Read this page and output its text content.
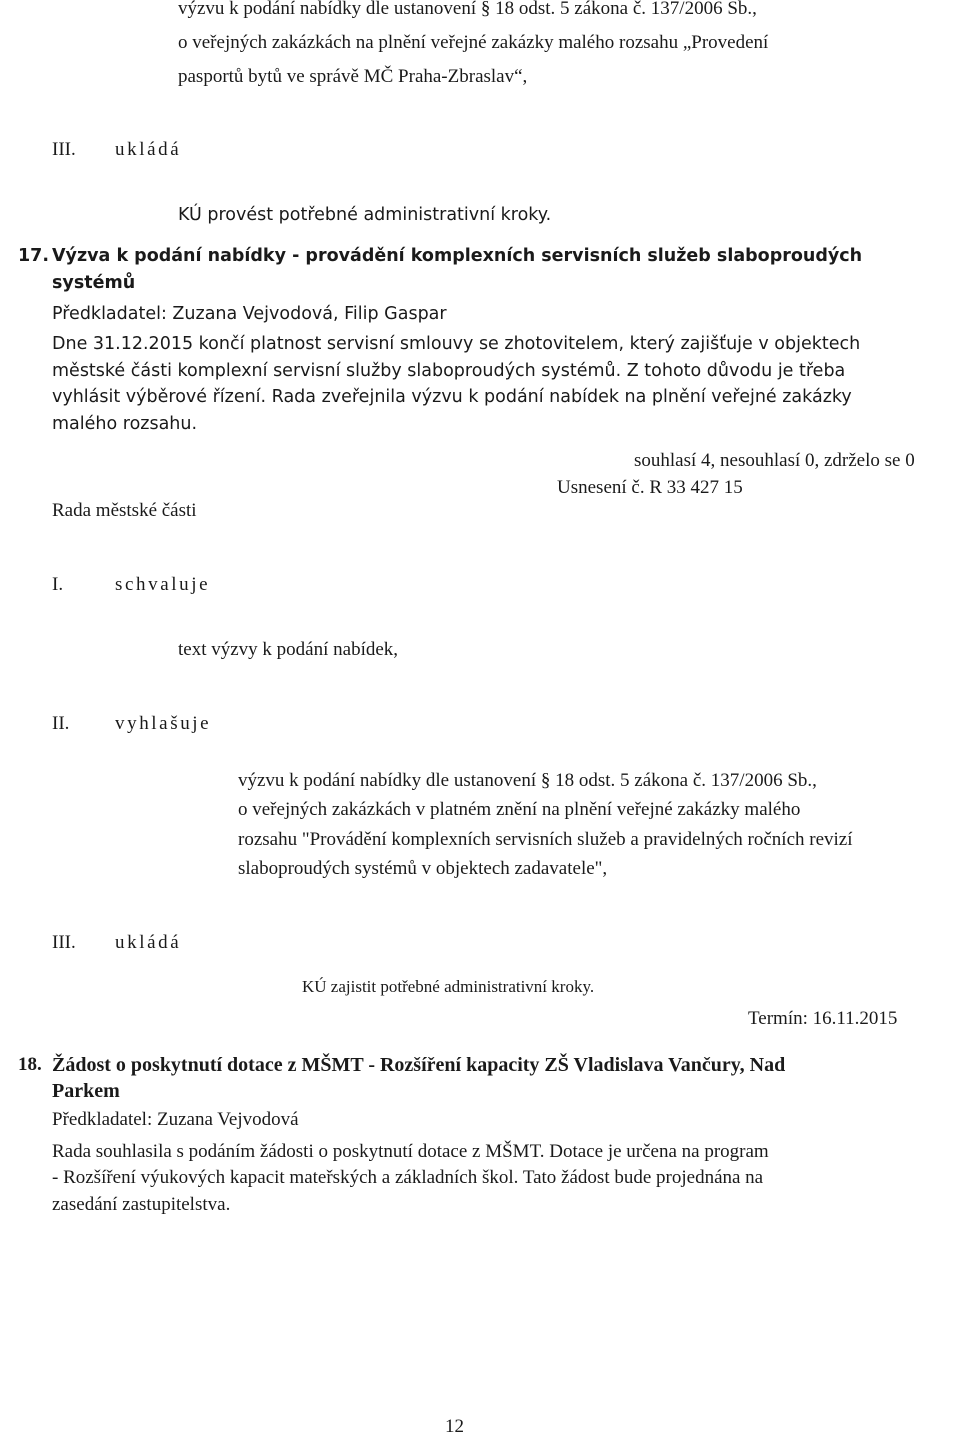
výzvu k podání nabídky dle ustanovení § 18 odst. 5 zákona č. 137/2006 Sb.,
o veřejných zakázkách na plnění veřejné zakázky malého rozsahu „Provedení
pasportů bytů ve správě MČ Praha-Zbraslav“,
III. ukládá
KÚ provést potřebné administrativní kroky.
17. Výzva k podání nabídky - provádění komplexních servisních služeb slaboproudých
systémů
Předkladatel: Zuzana Vejvodová, Filip Gaspar
Dne 31.12.2015 končí platnost servisní smlouvy se zhotovitelem, který zajišťuje v objektech
městské části komplexní servisní služby slaboproudých systémů. Z tohoto důvodu je třeba
vyhlásit výběrové řízení. Rada zveřejnila výzvu k podání nabídek na plnění veřejné zakázky
malého rozsahu.
souhlasí 4, nesouhlasí 0, zdrželo se 0
Usnesení č. R 33 427 15
Rada městské části
I.	schvaluje
text výzvy k podání nabídek,
II. vyhlašuje
výzvu k podání nabídky dle ustanovení § 18 odst. 5 zákona č. 137/2006 Sb.,
o veřejných zakázkách v platném znění na plnění veřejné zakázky malého
rozsahu "Provádění komplexních servisních služeb a pravidelných ročních revizí
slaboproudých systémů v objektech zadavatele",
III. ukládá
KÚ zajistit potřebné administrativní kroky.
Termín: 16.11.2015
18. Žádost o poskytnutí dotace z MŠMT - Rozšíření kapacity ZŠ Vladislava Vančury, Nad
Parkem
Předkladatel: Zuzana Vejvodová
Rada souhlasila s podáním žádosti o poskytnutí dotace z MŠMT. Dotace je určena na program
- Rozšíření výukových kapacit mateřských a základních škol. Tato žádost bude projednána na
zasedání zastupitelstva.
12
